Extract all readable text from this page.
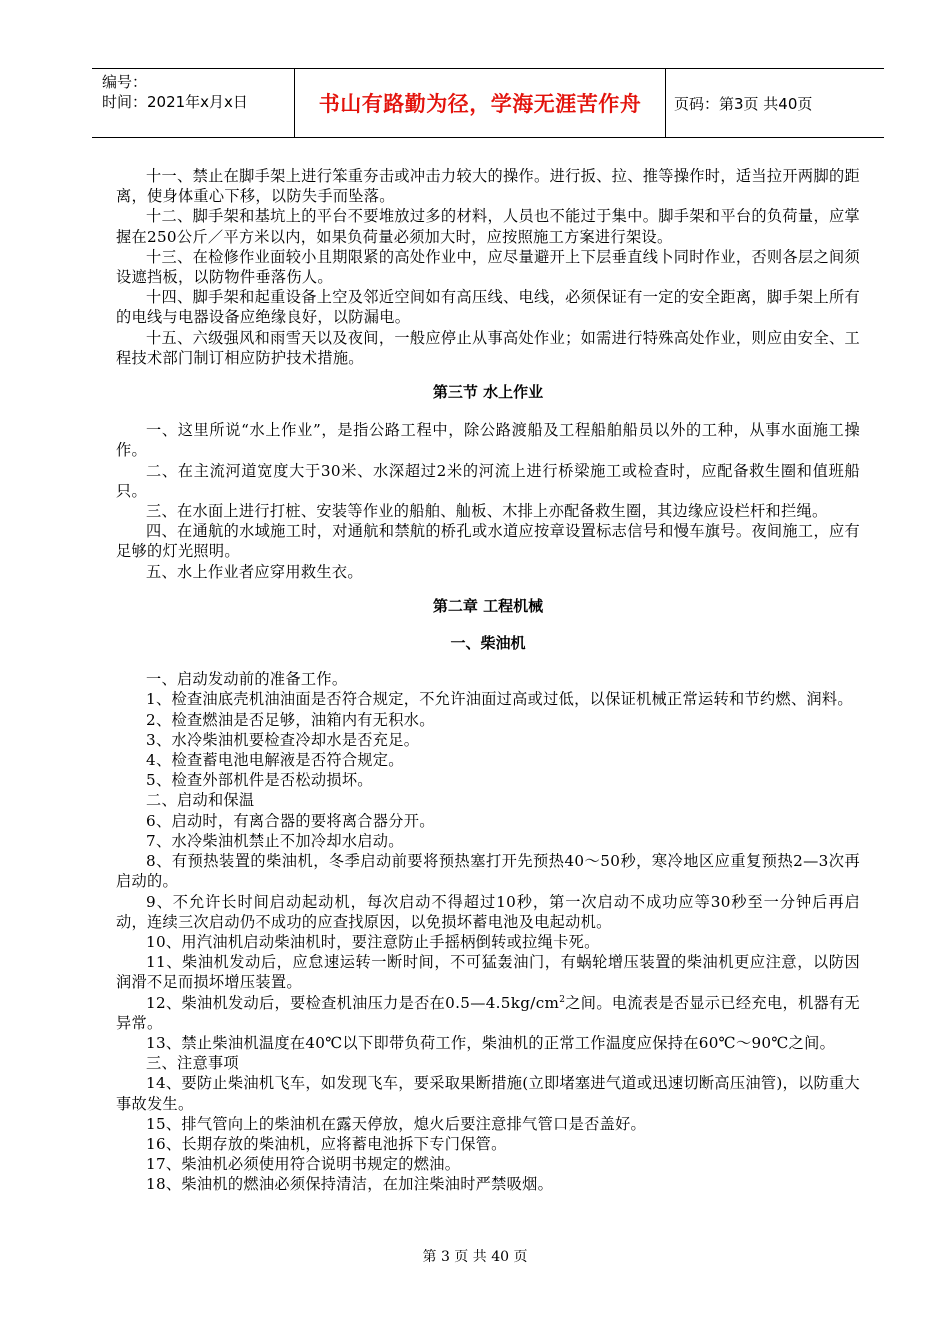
编号：
时间：2021年x月x日	书山有路勤为径，学海无涯苦作舟	页码：第3页 共40页

十一、禁止在脚手架上进行笨重夯击或冲击力较大的操作。进行扳、拉、推等操作时，适当拉开两脚的距离，使身体重心下移，以防失手而坠落。

十二、脚手架和基坑上的平台不要堆放过多的材料，人员也不能过于集中。脚手架和平台的负荷量，应掌握在250公斤／平方米以内，如果负荷量必须加大时，应按照施工方案进行架设。

十三、在检修作业面较小且期限紧的高处作业中，应尽量避开上下层垂直线卜同时作业，否则各层之间须设遮挡板，以防物件垂落伤人。

十四、脚手架和起重设备上空及邻近空间如有高压线、电线，必须保证有一定的安全距离，脚手架上所有的电线与电器设备应绝缘良好，以防漏电。

十五、六级强风和雨雪天以及夜间，一般应停止从事高处作业；如需进行特殊高处作业，则应由安全、工程技术部门制订相应防护技术措施。

第三节 水上作业

一、这里所说“水上作业”，是指公路工程中，除公路渡船及工程船舶船员以外的工种，从事水面施工操作。

二、在主流河道宽度大于30米、水深超过2米的河流上进行桥梁施工或检查时，应配备救生圈和值班船只。

三、在水面上进行打桩、安装等作业的船舶、舢板、木排上亦配备救生圈，其边缘应设栏杆和拦绳。

四、在通航的水域施工时，对通航和禁航的桥孔或水道应按章设置标志信号和慢车旗号。夜间施工，应有足够的灯光照明。

五、水上作业者应穿用救生衣。

第二章 工程机械

一、柴油机

一、启动发动前的准备工作。

1、检查油底壳机油油面是否符合规定，不允许油面过高或过低，以保证机械正常运转和节约燃、润料。

2、检查燃油是否足够，油箱内有无积水。

3、水冷柴油机要检查冷却水是否充足。

4、检查蓄电池电解液是否符合规定。

5、检查外部机件是否松动损坏。

二、启动和保温

6、启动时，有离合器的要将离合器分开。

7、水冷柴油机禁止不加冷却水启动。

8、有预热装置的柴油机，冬季启动前要将预热塞打开先预热40～50秒，寒冷地区应重复预热2—3次再启动的。

9、不允许长时间启动起动机，每次启动不得超过10秒，第一次启动不成功应等30秒至一分钟后再启动，连续三次启动仍不成功的应查找原因，以免损坏蓄电池及电起动机。

10、用汽油机启动柴油机时，要注意防止手摇柄倒转或拉绳卡死。

11、柴油机发动后，应怠速运转一断时间，不可猛轰油门，有蜗轮增压装置的柴油机更应注意，以防因润滑不足而损坏增压装置。

12、柴油机发动后，要检查机油压力是否在$0.5—4.5kg/cm^2$之间。电流表是否显示已经充电，机器有无异常。

13、禁止柴油机温度在40℃以下即带负荷工作，柴油机的正常工作温度应保持在60℃～90℃之间。

三、注意事项

14、要防止柴油机飞车，如发现飞车，要采取果断措施(立即堵塞进气道或迅速切断高压油管)，以防重大事故发生。

15、排气管向上的柴油机在露天停放，熄火后要注意排气管口是否盖好。

16、长期存放的柴油机，应将蓄电池拆下专门保管。

17、柴油机必须使用符合说明书规定的燃油。

18、柴油机的燃油必须保持清洁，在加注柴油时严禁吸烟。

第 3 页 共 40 页
